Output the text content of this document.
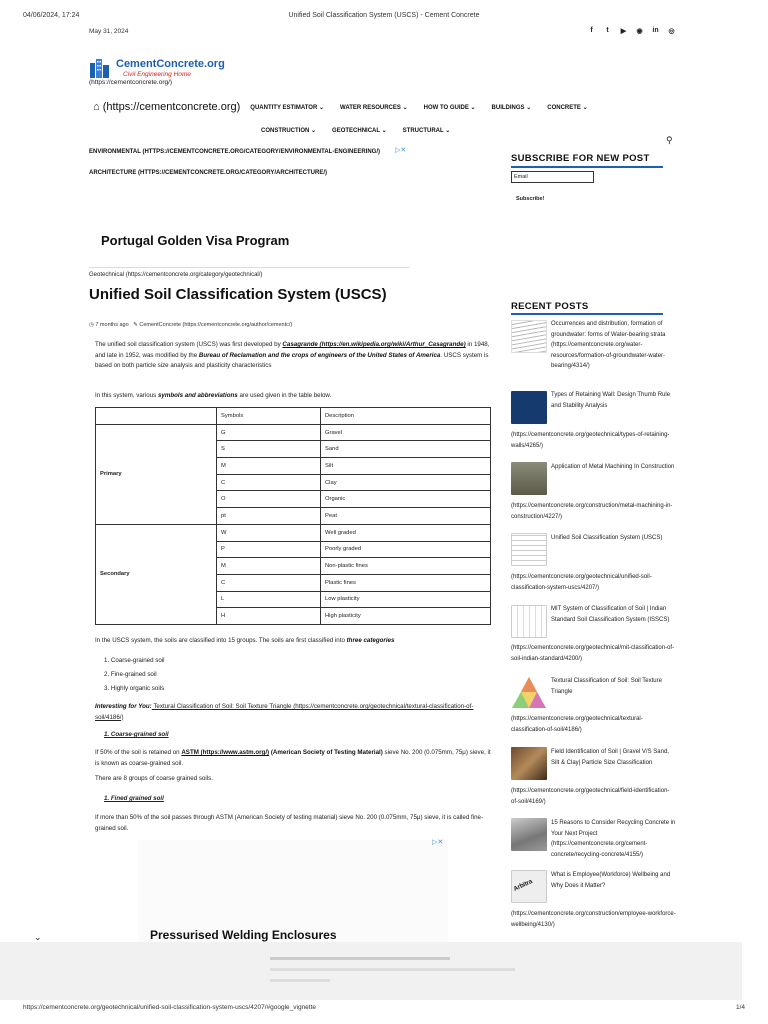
04/06/2024, 17:24	Unified Soil Classification System (USCS) - Cement Concrete
May 31, 2024	f	t	▶ ◉ in ◎
CementConcrete.org
Civil Engineering Home
(https://cementconcrete.org/)
⌂ (https://cementconcrete.org) QUANTITY ESTIMATOR ⌄	WATER RESOURCES ⌄	HOW TO GUIDE ⌄	BUILDINGS ⌄	CONCRETE ⌄
CONSTRUCTION ⌄	GEOTECHNICAL ⌄	STRUCTURAL ⌄
⚲
ENVIRONMENTAL (HTTPS://CEMENTCONCRETE.ORG/CATEGORY/ENVIRONMENTAL-ENGINEERING/) ▷✕
ARCHITECTURE (HTTPS://CEMENTCONCRETE.ORG/CATEGORY/ARCHITECTURE/)
Portugal Golden Visa Program
Geotechnical (https://cementconcrete.org/category/geotechnical/)
Unified Soil Classification System (USCS)
◷ 7 months ago ✎ CementConcrete (https://cementconcrete.org/author/cementc/)
The unified soil classification system (USCS) was first developed by Casagrande (https://en.wikipedia.org/wiki/Arthur_Casagrande) in 1948, and late in 1952, was modified by the Bureau of Reclamation and the crops of engineers of the United States of America. USCS system is based on both particle size analysis and plasticity characteristics
In this system, various symbols and abbreviations are used given in the table below.
	Symbols	Description
Primary	G	Gravel
	S	Sand
	M	Silt
	C	Clay
	O	Organic
	pt	Peat
Secondary	W	Well graded
	P	Poorly graded
	M	Non-plastic fines
	C	Plastic fines
	L	Low plasticity
	H	High plasticity
In the USCS system, the soils are classified into 15 groups. The soils are first classified into three categories
1. Coarse-grained soil
2. Fine-grained soil
3. Highly organic soils
Interesting for You: Textural Classification of Soil: Soil Texture Triangle (https://cementconcrete.org/geotechnical/textural-classification-of-soil/4186/)
1. Coarse-grained soil
If 50% of the soil is retained on ASTM (https://www.astm.org/) (American Society of Testing Material) sieve No. 200 (0.075mm, 75μ) sieve, it is known as coarse-grained soil.
There are 8 groups of coarse grained soils.
1. Fined grained soil
If more than 50% of the soil passes through ASTM (American Society of testing material) sieve No. 200 (0.075mm, 75μ) sieve, it is called fine-grained soil.
▷✕
Pressurised Welding Enclosures
⌄
SUBSCRIBE FOR NEW POST
Email
Subscribe!
RECENT POSTS
Occurrences and distribution, formation of groundwater: forms of Water-bearing strata
(https://cementconcrete.org/water-resources/formation-of-groundwater-water-bearing/4314/)
Types of Retaining Wall: Design Thumb Rule and Stability Analysis
(https://cementconcrete.org/geotechnical/types-of-retaining-walls/4265/)
Application of Metal Machining In Construction
(https://cementconcrete.org/construction/metal-machining-in-construction/4227/)
Unified Soil Classification System (USCS)
(https://cementconcrete.org/geotechnical/unified-soil-classification-system-uscs/4207/)
MIT System of Classification of Soil | Indian Standard Soil Classification System (ISSCS)
(https://cementconcrete.org/geotechnical/mit-classification-of-soil-indian-standard/4200/)
Textural Classification of Soil: Soil Texture Triangle
(https://cementconcrete.org/geotechnical/textural-classification-of-soil/4186/)
Field Identification of Soil | Gravel V/S Sand, Silt & Clay| Particle Size Classification
(https://cementconcrete.org/geotechnical/field-identification-of-soil/4169/)
15 Reasons to Consider Recycling Concrete in Your Next Project
(https://cementconcrete.org/cement-concrete/recycling-concrete/4155/)
Arbitra
What is Employee(Workforce) Wellbeing and Why Does it Matter?
(https://cementconcrete.org/construction/employee-workforce-wellbeing/4130/)
https://cementconcrete.org/geotechnical/unified-soil-classification-system-uscs/4207/#google_vignette	1/4
